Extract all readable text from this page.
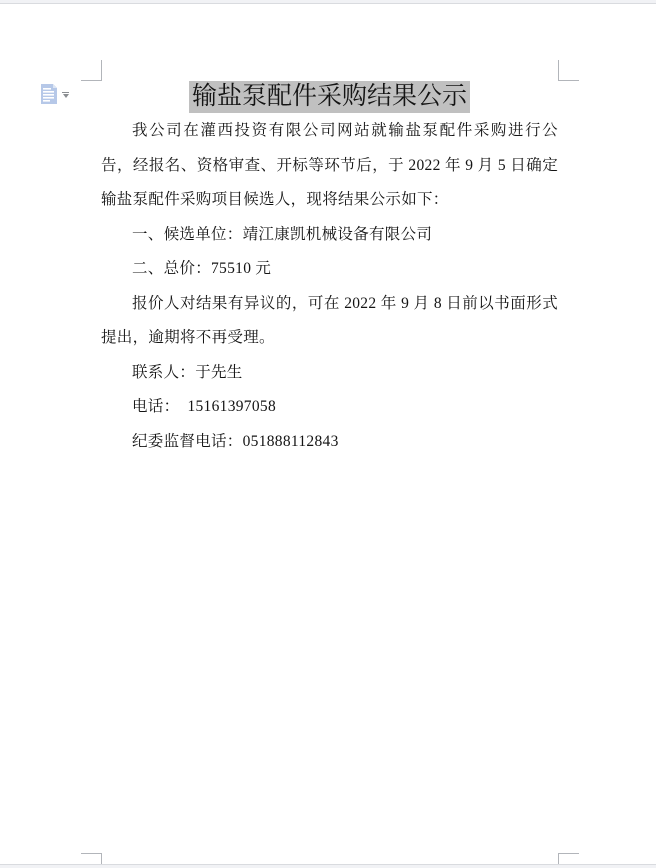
输盐泵配件采购结果公示

我公司在灌西投资有限公司网站就输盐泵配件采购进行公告，经报名、资格审查、开标等环节后，于 2022 年 9 月 5 日确定输盐泵配件采购项目候选人，现将结果公示如下：

一、候选单位：靖江康凯机械设备有限公司

二、总价：75510 元

报价人对结果有异议的，可在 2022 年 9 月 8 日前以书面形式提出，逾期将不再受理。

联系人：于先生

电话：　15161397058

纪委监督电话：051888112843
